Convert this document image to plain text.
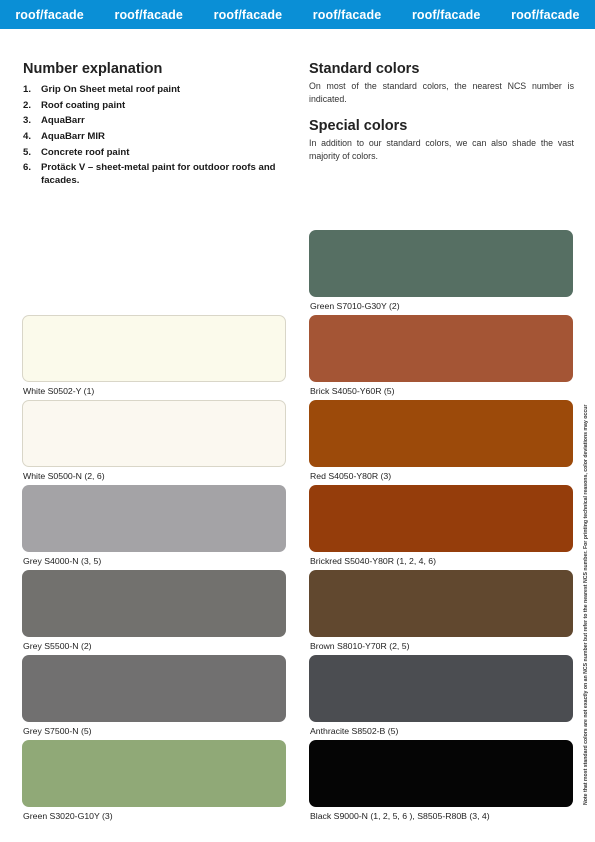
roof/facade roof/facade roof/facade roof/facade roof/facade roof/facade
Number explanation
1.	Grip On Sheet metal roof paint
2.	Roof coating paint
3.	AquaBarr
4.	AquaBarr MIR
5.	Concrete roof paint
6.	Protäck V – sheet-metal paint for outdoor roofs and facades.
Standard colors

On most of the standard colors, the nearest NCS number is indicated.

Special colors

In addition to our standard colors, we can also shade the vast majority of colors.

Green S7010-G30Y (2)
White S0502-Y (1)	Brick S4050-Y60R (5)
White S0500-N (2, 6)	Red S4050-Y80R (3)
Grey S4000-N (3, 5)	Brickred S5040-Y80R (1, 2, 4, 6)
Grey S5500-N (2)	Brown S8010-Y70R (2, 5)
Grey S7500-N (5)	Anthracite S8502-B (5)
Green S3020-G10Y (3)	Black S9000-N (1, 2, 5, 6 ), S8505-R80B (3, 4)
Note that most standard colors are not exactly on an NCS number but refer to the nearest NCS number. For printing technical reasons, color deviations may occur
